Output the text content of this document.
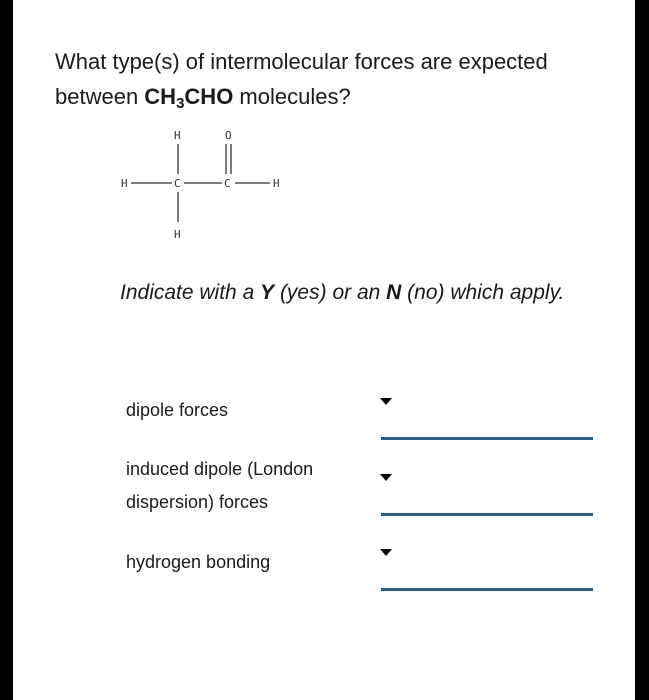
What type(s) of intermolecular forces are expected between $CH_3CHO$ molecules?
H	O
H	C	C	H
H
Indicate with a Y (yes) or an N (no) which apply.
dipole forces
induced dipole (London dispersion) forces
hydrogen bonding
